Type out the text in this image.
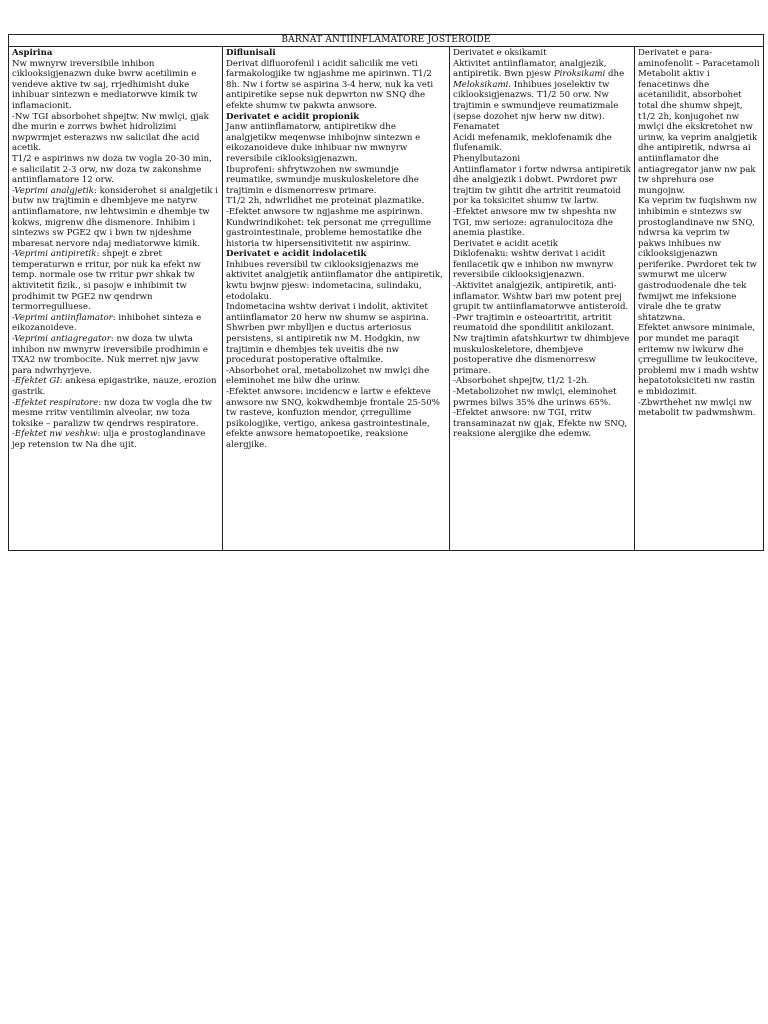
BARNAT ANTIINFLAMATORE JOSTEROIDE

Aspirina

Nw mwnyrw ireversibile inhibon ciklooksigjenazwn duke bwrw acetilimin e vendeve aktive tw saj, rrjedhimisht duke inhibuar sintezwn e mediatorwve kimik tw inflamacionit.

-Nw TGI absorbohet shpejtw. Nw mwlçi, gjak dhe murin e zorrws bwhet hidrolizimi nwpwrmjet esterazws nw salicilat dhe acid acetik.

T1/2 e aspirinws nw doza tw vogla 20-30 min, e salicilatit 2-3 orw, nw doza tw zakonshme antiinflamatore 12 orw.

-Veprimi analgjetik: konsiderohet si analgjetik i butw nw trajtimin e dhembjeve me natyrw antiinflamatore, nw lehtwsimin e dhembje tw kokws, migrenw dhe dismenore. Inhibim i sintezws sw PGE2 qw i bwn tw njdeshme mbaresat nervore ndaj mediatorwve kimik.

-Veprimi antipiretik: shpejt e zbret temperaturwn e rritur, por nuk ka efekt nw temp. normale ose tw rritur pwr shkak tw aktivitetit fizik., si pasojw e inhibimit tw prodhimit tw PGE2 nw qendrwn termorregulluese.

-Veprimi antiinflamator: inhibohet sinteza e eikozanoideve.

-Veprimi antiagregator: nw doza tw ulwta inhibon nw mwnyrw ireversibile prodhimin e TXA2 nw trombocite. Nuk merret njw javw para ndwrhyrjeve.

-Efektet GI: ankesa epigastrike, nauze, erozion gastrik.

-Efektet respiratore: nw doza tw vogla dhe tw mesme rritw ventilimin alveolar, nw toza toksike – paralizw tw qendrws respiratore.

-Efektet nw veshkw: ulja e prostoglandinave jep retension tw Na dhe ujit.

Diflunisali

Derivat difluorofenil i acidit salicilik me veti farmakologjike tw ngjashme me apirinwn. T1/2 8h. Nw i fortw se aspirina 3-4 herw, nuk ka veti antipiretike sepse nuk depwrton nw SNQ dhe efekte shumw tw pakwta anwsore.

Derivatet e acidit propionik

Janw antiinflamatorw, antipiretikw dhe analgjetikw meqenwse inhibojnw sintezwn e eikozanoideve duke inhibuar nw mwnyrw reversibile ciklooksigjenazwn.

Ibuprofeni: shfrytwzohen nw swmundje reumatike, swmundje muskuloskeletore dhe trajtimin e dismenorresw primare.

T1/2 2h, ndwrlidhet me proteinat plazmatike.

-Efektet anwsore tw ngjashme me aspirinwn.

Kundwrindikohet: tek personat me çrregullime gastrointestinale, probleme hemostatike dhe historia tw hipersensitivitetit nw aspirinw.

Derivatet e acidit indolacetik

Inhibues reversibil tw ciklooksigjenazws me aktivitet analgjetik antiinflamator dhe antipiretik, kwtu bwjnw pjesw: indometacina, sulindaku, etodolaku.

Indometacina wshtw derivat i indolit, aktivitet antiinflamator 20 herw nw shumw se aspirina.

Shwrben pwr mbylljen e ductus arteriosus persistens, si antipiretik nw M. Hodgkin, nw trajtimin e dhembjes tek uveitis dhe nw procedurat postoperative oftalmike.

-Absorbohet oral, metabolizohet nw mwlçi dhe eleminohet me bilw dhe urinw.

-Efektet anwsore: incidencw e lartw e efekteve anwsore nw SNQ, kokwdhembje frontale 25-50% tw rasteve, konfuzion mendor, çrregullime psikologjike, vertigo, ankesa gastrointestinale, efekte anwsore hematopoetike, reaksione alergjike.

Derivatet e oksikamit

Aktivitet antiinflamator, analgjezik, antipiretik. Bwn pjesw Piroksikami dhe Meloksikami. Inhibues joselektiv tw ciklooksigjenazws. T1/2 50 orw. Nw trajtimin e swmundjeve reumatizmale (sepse dozohet njw herw nw ditw).

Fenamatet

Acidi mefenamik, meklofenamik dhe flufenamik.

Phenylbutazoni

Antiinflamator i fortw ndwrsa antipiretik dhe analgjezik i dobwt. Pwrdoret pwr trajtim tw gihtit dhe artritit reumatoid por ka toksicitet shumw tw lartw.

-Efektet anwsore mw tw shpeshta nw TGI, mw serioze: agranulocitoza dhe anemia plastike.

Derivatet e acidit acetik

Diklofenaku: wshtw derivat i acidit fenilacetik qw e inhibon nw mwnyrw reversibile ciklooksigjenazwn.

-Aktivitet analgjezik, antipiretik, anti-inflamator. Wshtw bari mw potent prej grupit tw antiinflamatorwve antisteroid.

-Pwr trajtimin e osteoartritit, artritit reumatoid dhe spondilitit ankilozant. Nw trajtimin afatshkurtwr tw dhimbjeve muskuloskeletore, dhembjeve postoperative dhe dismenorresw primare.

-Absorbohet shpejtw, t1/2 1-2h.

-Metabolizohet nw mwlçi, eleminohet pwrmes bilws 35% dhe urinws 65%.

-Efektet anwsore: nw TGI, rritw transaminazat nw gjak, Efekte nw SNQ, reaksione alergjike dhe edemw.

Derivatet e para-aminofenolit – Paracetamoli

Metabolit aktiv i fenacetinws dhe acetanilidit, absorbohet total dhe shumw shpejt, t1/2 2h, konjugohet nw mwlçi dhe ekskretohet nw urinw, ka veprim analgjetik dhe antipiretik, ndwrsa ai antiinflamator dhe antiagregator janw nw pak tw shprehura ose mungojnw.

Ka veprim tw fuqishwm nw inhibimin e sintezws sw prostoglandinave nw SNQ, ndwrsa ka veprim tw pakws inhibues nw ciklooksigjenazwn periferike. Pwrdoret tek tw swmurwt me ulcerw gastroduodenale dhe tek fwmijwt me infeksione virale dhe te gratw shtatzwna.

Efektet anwsore minimale, por mundet me paraqit eritemw nw lwkurw dhe çrregullime tw leukociteve, problemi mw i madh wshtw hepatotoksiciteti nw rastin e mbidozimit.

-Zbwrthehet nw mwlçi nw metabolit tw padwmshwm.
